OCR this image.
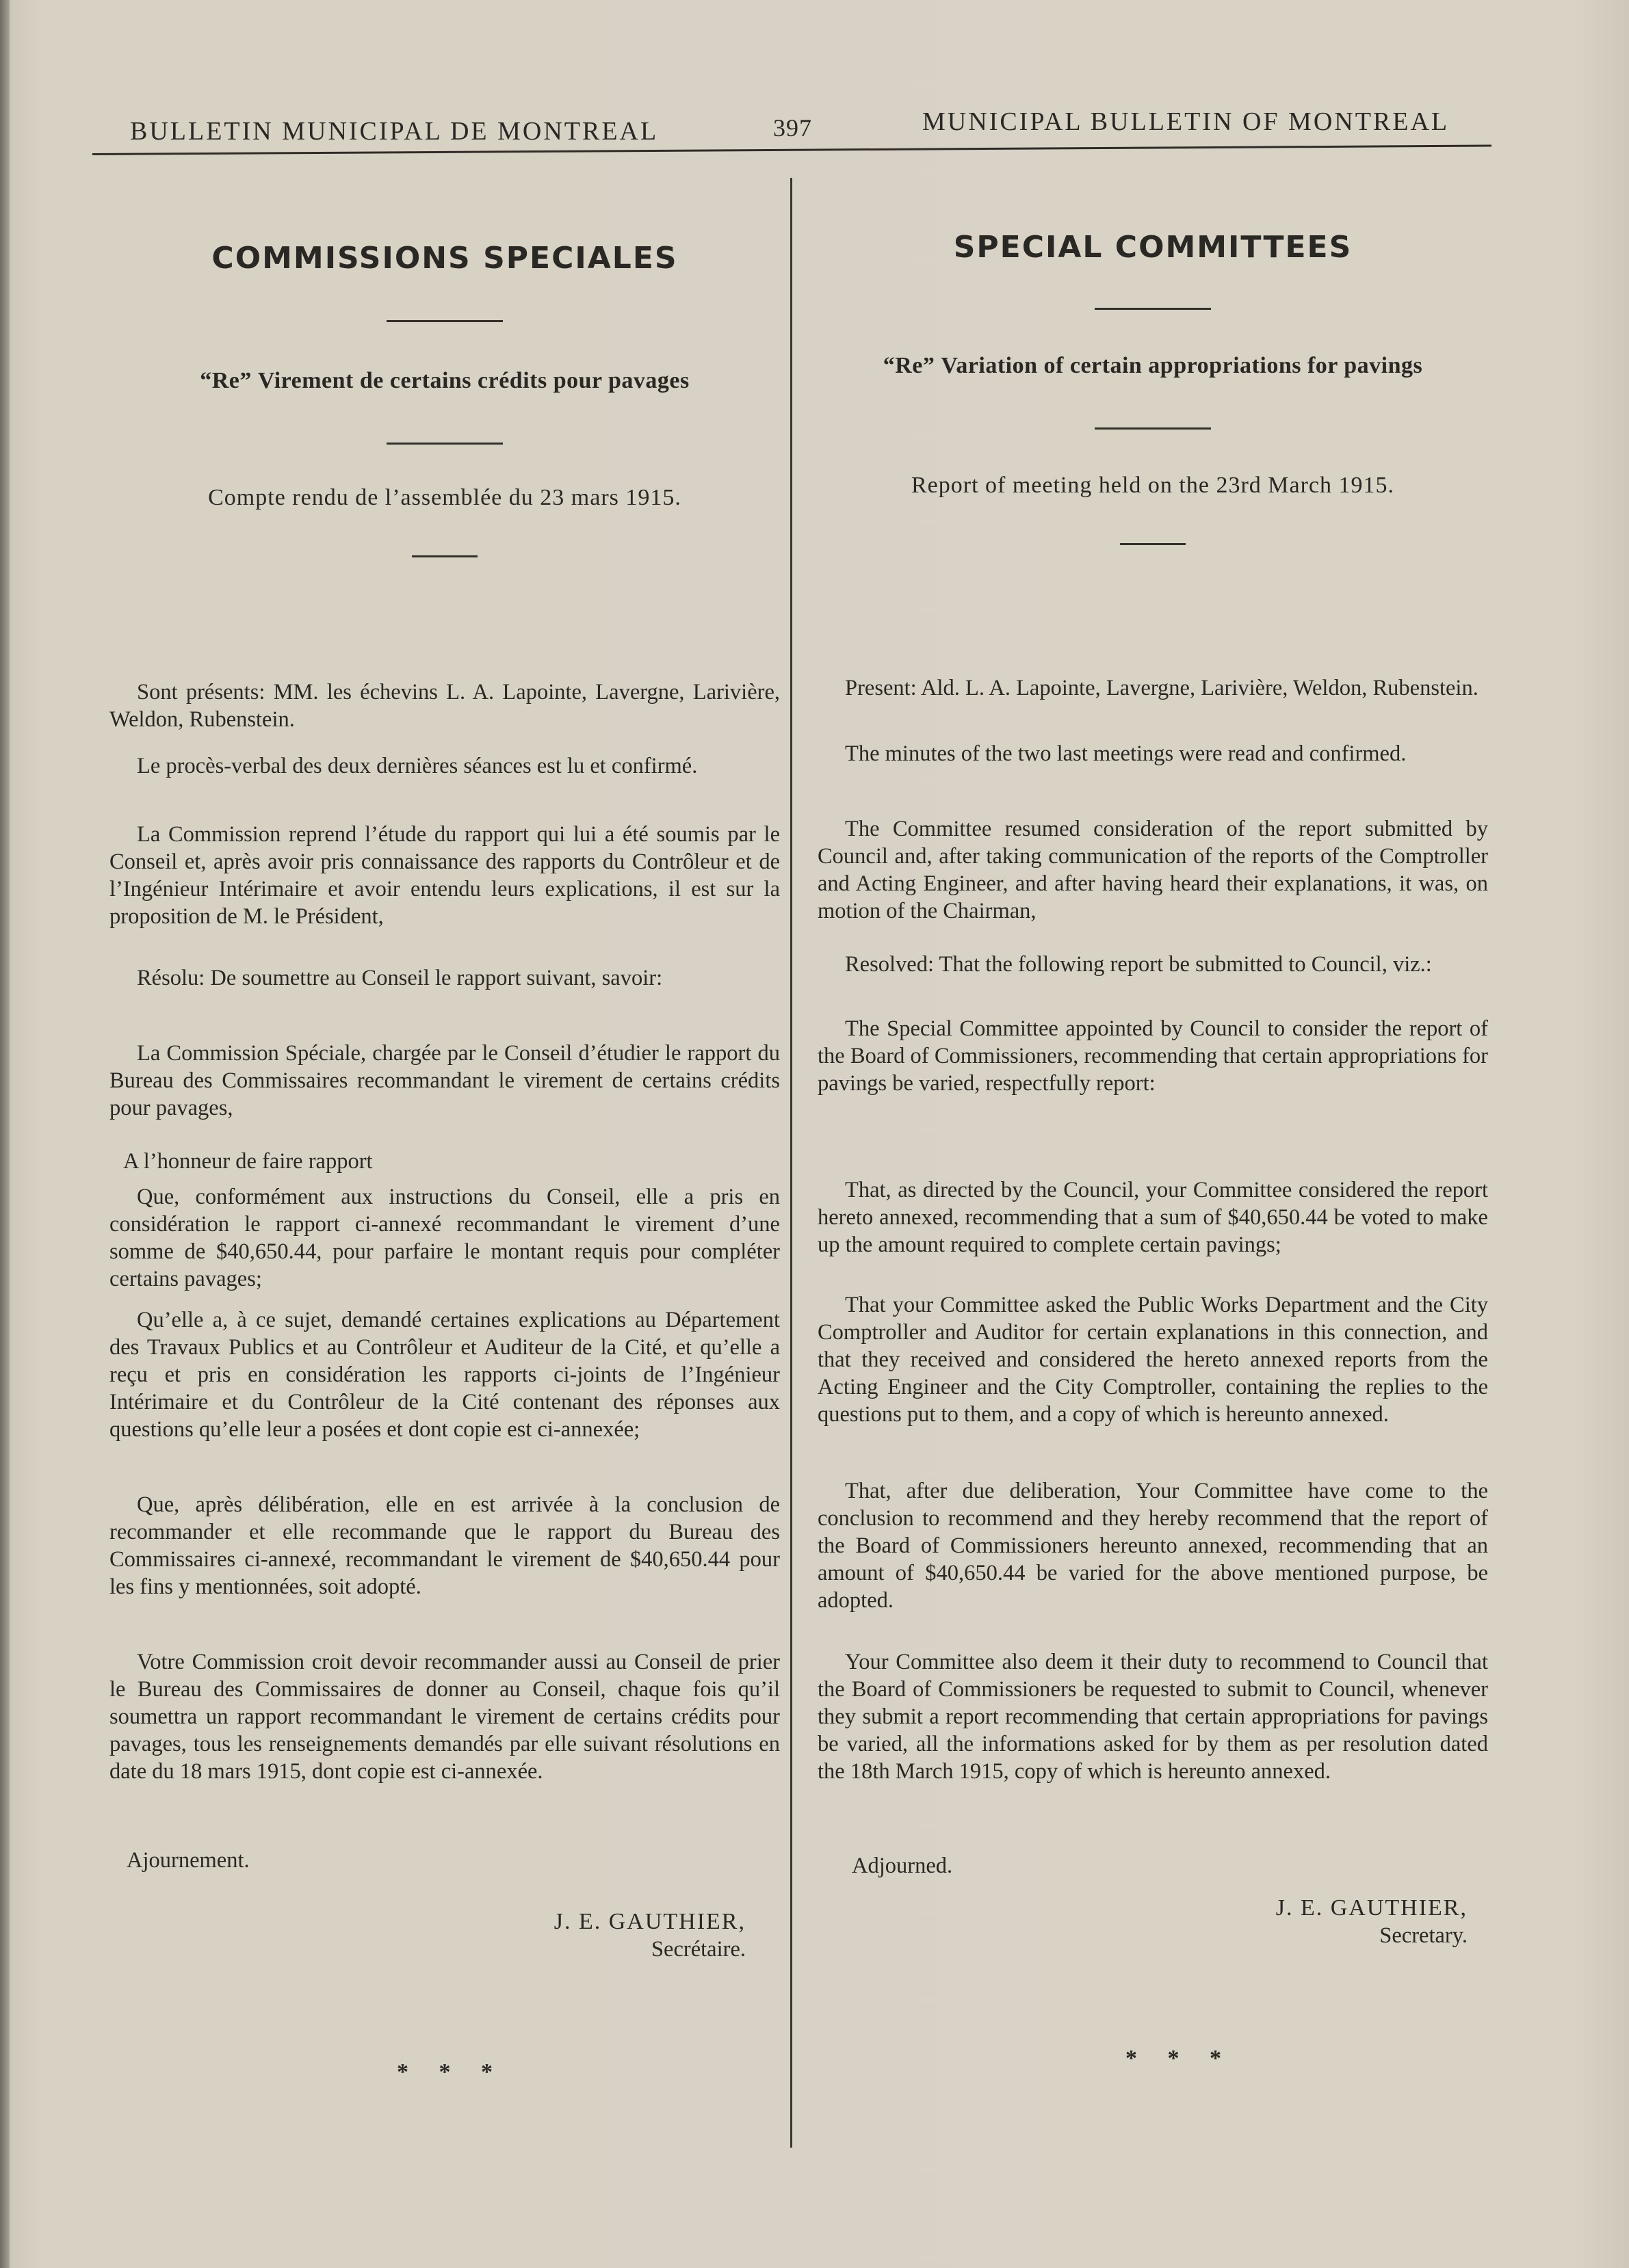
BULLETIN MUNICIPAL DE MONTREAL	397	MUNICIPAL BULLETIN OF MONTREAL
COMMISSIONS SPECIALES
“Re” Virement de certains crédits pour pavages
Compte rendu de l’assemblée du 23 mars 1915.

Sont présents: MM. les échevins L. A. Lapointe, Lavergne, Larivière, Weldon, Rubenstein.

Le procès-verbal des deux dernières séances est lu et confirmé.

La Commission reprend l’étude du rapport qui lui a été soumis par le Conseil et, après avoir pris connaissance des rapports du Contrôleur et de l’Ingénieur Intérimaire et avoir entendu leurs explications, il est sur la proposition de M. le Président,

Résolu: De soumettre au Conseil le rapport suivant, savoir:

La Commission Spéciale, chargée par le Conseil d’étudier le rapport du Bureau des Commissaires recommandant le virement de certains crédits pour pavages,

A l’honneur de faire rapport

Que, conformément aux instructions du Conseil, elle a pris en considération le rapport ci-annexé recommandant le virement d’une somme de $40,650.44, pour parfaire le montant requis pour compléter certains pavages;

Qu’elle a, à ce sujet, demandé certaines explications au Département des Travaux Publics et au Contrôleur et Auditeur de la Cité, et qu’elle a reçu et pris en considération les rapports ci-joints de l’Ingénieur Intérimaire et du Contrôleur de la Cité contenant des réponses aux questions qu’elle leur a posées et dont copie est ci-annexée;

Que, après délibération, elle en est arrivée à la conclusion de recommander et elle recommande que le rapport du Bureau des Commissaires ci-annexé, recommandant le virement de $40,650.44 pour les fins y mentionnées, soit adopté.

Votre Commission croit devoir recommander aussi au Conseil de prier le Bureau des Commissaires de donner au Conseil, chaque fois qu’il soumettra un rapport recommandant le virement de certains crédits pour pavages, tous les renseignements demandés par elle suivant résolutions en date du 18 mars 1915, dont copie est ci-annexée.

Ajournement.

J. E. GAUTHIER,
Secrétaire.
* * *
SPECIAL COMMITTEES
“Re” Variation of certain appropriations for pavings
Report of meeting held on the 23rd March 1915.

Present: Ald. L. A. Lapointe, Lavergne, Larivière, Weldon, Rubenstein.

The minutes of the two last meetings were read and confirmed.

The Committee resumed consideration of the report submitted by Council and, after taking communication of the reports of the Comptroller and Acting Engineer, and after having heard their explanations, it was, on motion of the Chairman,

Resolved: That the following report be submitted to Council, viz.:

The Special Committee appointed by Council to consider the report of the Board of Commissioners, recommending that certain appropriations for pavings be varied, respectfully report:

That, as directed by the Council, your Committee considered the report hereto annexed, recommending that a sum of $40,650.44 be voted to make up the amount required to complete certain pavings;

That your Committee asked the Public Works Department and the City Comptroller and Auditor for certain explanations in this connection, and that they received and considered the hereto annexed reports from the Acting Engineer and the City Comptroller, containing the replies to the questions put to them, and a copy of which is hereunto annexed.

That, after due deliberation, Your Committee have come to the conclusion to recommend and they hereby recommend that the report of the Board of Commissioners hereunto annexed, recommending that an amount of $40,650.44 be varied for the above mentioned purpose, be adopted.

Your Committee also deem it their duty to recommend to Council that the Board of Commissioners be requested to submit to Council, whenever they submit a report recommending that certain appropriations for pavings be varied, all the informations asked for by them as per resolution dated the 18th March 1915, copy of which is hereunto annexed.

Adjourned.

J. E. GAUTHIER,
Secretary.
* * *
